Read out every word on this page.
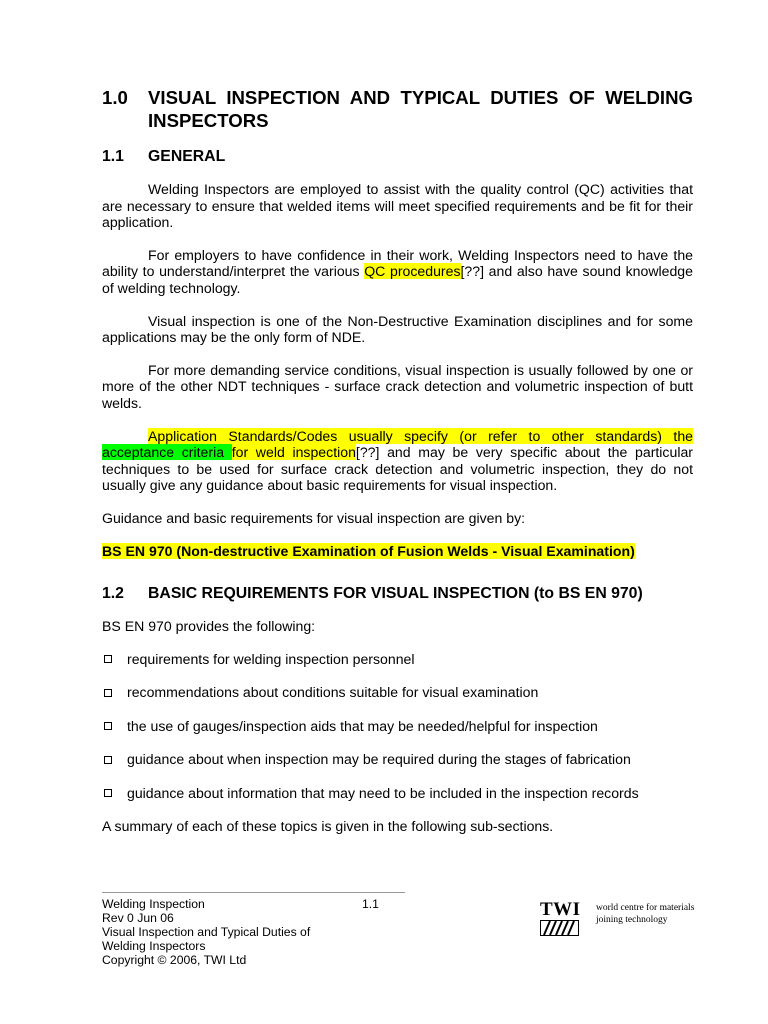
1.0	VISUAL INSPECTION AND TYPICAL DUTIES OF WELDING INSPECTORS
1.1	GENERAL

Welding Inspectors are employed to assist with the quality control (QC) activities that are necessary to ensure that welded items will meet specified requirements and be fit for their application.

For employers to have confidence in their work, Welding Inspectors need to have the ability to understand/interpret the various QC procedures[??] and also have sound knowledge of welding technology.

Visual inspection is one of the Non-Destructive Examination disciplines and for some applications may be the only form of NDE.

For more demanding service conditions, visual inspection is usually followed by one or more of the other NDT techniques - surface crack detection and volumetric inspection of butt welds.

Application Standards/Codes usually specify (or refer to other standards) the acceptance criteria for weld inspection[??] and may be very specific about the particular techniques to be used for surface crack detection and volumetric inspection, they do not usually give any guidance about basic requirements for visual inspection.

Guidance and basic requirements for visual inspection are given by:

BS EN 970 (Non-destructive Examination of Fusion Welds - Visual Examination)

1.2	BASIC REQUIREMENTS FOR VISUAL INSPECTION (to BS EN 970)

BS EN 970 provides the following:

requirements for welding inspection personnel
recommendations about conditions suitable for visual examination
the use of gauges/inspection aids that may be needed/helpful for inspection
guidance about when inspection may be required during the stages of fabrication
guidance about information that may need to be included in the inspection records

A summary of each of these topics is given in the following sub-sections.

Welding Inspection
Rev 0 Jun 06
Visual Inspection and Typical Duties of
Welding Inspectors
Copyright © 2006, TWI Ltd
1.1	TWI world centre for materials
joining technology
